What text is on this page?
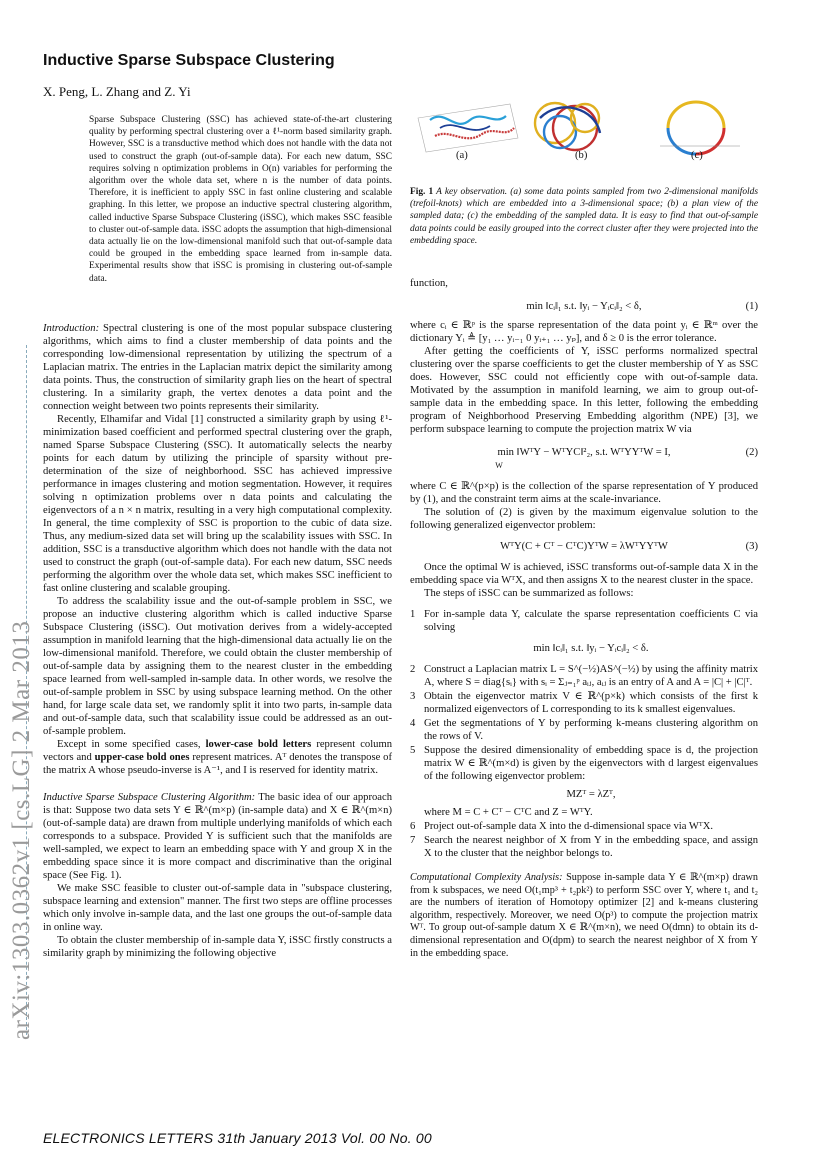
arXiv:1303.0362v1 [cs.LG] 2 Mar 2013
Inductive Sparse Subspace Clustering
X. Peng, L. Zhang and Z. Yi
Sparse Subspace Clustering (SSC) has achieved state-of-the-art clustering quality by performing spectral clustering over a ℓ¹-norm based similarity graph. However, SSC is a transductive method which does not handle with the data not used to construct the graph (out-of-sample data). For each new datum, SSC requires solving n optimization problems in O(n) variables for performing the algorithm over the whole data set, where n is the number of data points. Therefore, it is inefficient to apply SSC in fast online clustering and scalable graphing. In this letter, we propose an inductive spectral clustering algorithm, called inductive Sparse Subspace Clustering (iSSC), which makes SSC feasible to cluster out-of-sample data. iSSC adopts the assumption that high-dimensional data actually lie on the low-dimensional manifold such that out-of-sample data could be grouped in the embedding space learned from in-sample data. Experimental results show that iSSC is promising in clustering out-of-sample data.
(a)	(b)	(c)
Fig. 1 A key observation. (a) some data points sampled from two 2-dimensional manifolds (trefoil-knots) which are embedded into a 3-dimensional space; (b) a plan view of the sampled data; (c) the embedding of the sampled data. It is easy to find that out-of-sample data points could be easily grouped into the correct cluster after they were projected into the embedding space.

Introduction: Spectral clustering is one of the most popular subspace clustering algorithms, which aims to find a cluster membership of data points and the corresponding low-dimensional representation by utilizing the spectrum of a Laplacian matrix. The entries in the Laplacian matrix depict the similarity among data points. Thus, the construction of similarity graph lies on the heart of spectral clustering. In a similarity graph, the vertex denotes a data point and the connection weight between two points represents their similarity.

Recently, Elhamifar and Vidal [1] constructed a similarity graph by using ℓ¹-minimization based coefficient and performed spectral clustering over the graph, named Sparse Subspace Clustering (SSC). It automatically selects the nearby points for each datum by utilizing the principle of sparsity without pre-determination of the size of neighborhood. SSC has achieved impressive performance in images clustering and motion segmentation. However, it requires solving n optimization problems over n data points and calculating the eigenvectors of a n × n matrix, resulting in a very high computational complexity. In general, the time complexity of SSC is proportion to the cubic of data size. Thus, any medium-sized data set will bring up the scalability issues with SSC. In addition, SSC is a transductive algorithm which does not handle with the data not used to construct the graph (out-of-sample data). For each new datum, SSC needs performing the algorithm over the whole data set, which makes SSC inefficient to fast online clustering and scalable grouping.

To address the scalability issue and the out-of-sample problem in SSC, we propose an inductive clustering algorithm which is called inductive Sparse Subspace Clustering (iSSC). Out motivation derives from a widely-accepted assumption in manifold learning that the high-dimensional data actually lie on the low-dimensional manifold. Therefore, we could obtain the cluster membership of out-of-sample data by assigning them to the nearest cluster in the embedding space learned from well-sampled in-sample data. In other words, we resolve the out-of-sample problem in SSC by using subspace learning method. On the other hand, for large scale data set, we randomly split it into two parts, in-sample data and out-of-sample data, such that scalability issue could be addressed as an out-of-sample problem.

Except in some specified cases, lower-case bold letters represent column vectors and upper-case bold ones represent matrices. Aᵀ denotes the transpose of the matrix A whose pseudo-inverse is A⁻¹, and I is reserved for identity matrix.

Inductive Sparse Subspace Clustering Algorithm: The basic idea of our approach is that: Suppose two data sets Y ∈ ℝ^(m×p) (in-sample data) and X ∈ ℝ^(m×n) (out-of-sample data) are drawn from multiple underlying manifolds of which each corresponds to a subspace. Provided Y is sufficient such that the manifolds are well-sampled, we expect to learn an embedding space with Y and group X in the embedding space since it is more compact and discriminative than the original space (See Fig. 1).

We make SSC feasible to cluster out-of-sample data in "subspace clustering, subspace learning and extension" manner. The first two steps are offline processes which only involve in-sample data, and the last one groups the out-of-sample data in online way.

To obtain the cluster membership of in-sample data Y, iSSC firstly constructs a similarity graph by minimizing the following objective

function,

min ‖cᵢ‖₁ s.t. ‖yᵢ − Yᵢcᵢ‖₂ < δ,	(1)

where cᵢ ∈ ℝᵖ is the sparse representation of the data point yᵢ ∈ ℝᵐ over the dictionary Yᵢ ≜ [y₁ … yᵢ₋₁ 0 yᵢ₊₁ … yₚ], and δ ≥ 0 is the error tolerance.

After getting the coefficients of Y, iSSC performs normalized spectral clustering over the sparse coefficients to get the cluster membership of Y as SSC does. However, SSC could not efficiently cope with out-of-sample data. Motivated by the assumption in manifold learning, we aim to group out-of-sample data in the embedding space. In this letter, following the embedding program of Neighborhood Preserving Embedding algorithm (NPE) [3], we perform subspace learning to compute the projection matrix W via

min ‖WᵀY − WᵀYC‖²₂, s.t. WᵀYYᵀW = I,	(2)
W

where C ∈ ℝ^(p×p) is the collection of the sparse representation of Y produced by (1), and the constraint term aims at the scale-invariance.

The solution of (2) is given by the maximum eigenvalue solution to the following generalized eigenvector problem:

WᵀY(C + Cᵀ − CᵀC)YᵀW = λWᵀYYᵀW	(3)

Once the optimal W is achieved, iSSC transforms out-of-sample data X in the embedding space via WᵀX, and then assigns X to the nearest cluster in the space.

The steps of iSSC can be summarized as follows:

1 For in-sample data Y, calculate the sparse representation coefficients C via solving
min ‖cᵢ‖₁ s.t. ‖yᵢ − Yᵢcᵢ‖₂ < δ.
2 Construct a Laplacian matrix L = S^(−½)AS^(−½) by using the affinity matrix A, where S = diag{sᵢ} with sᵢ = Σⱼ₌₁ᵖ aᵢⱼ, aᵢⱼ is an entry of A and A = |C| + |C|ᵀ.
3 Obtain the eigenvector matrix V ∈ ℝ^(p×k) which consists of the first k normalized eigenvectors of L corresponding to its k smallest eigenvalues.
4 Get the segmentations of Y by performing k-means clustering algorithm on the rows of V.
5 Suppose the desired dimensionality of embedding space is d, the projection matrix W ∈ ℝ^(m×d) is given by the eigenvectors with d largest eigenvalues of the following eigenvector problem:
MZᵀ = λZᵀ,
where M = C + Cᵀ − CᵀC and Z = WᵀY.
6 Project out-of-sample data X into the d-dimensional space via WᵀX.
7 Search the nearest neighbor of X from Y in the embedding space, and assign X to the cluster that the neighbor belongs to.

Computational Complexity Analysis: Suppose in-sample data Y ∈ ℝ^(m×p) drawn from k subspaces, we need O(t₁mp³ + t₂pk²) to perform SSC over Y, where t₁ and t₂ are the numbers of iteration of Homotopy optimizer [2] and k-means clustering algorithm, respectively. Moreover, we need O(p³) to compute the projection matrix Wᵀ. To group out-of-sample datum X ∈ ℝ^(m×n), we need O(dmn) to obtain its d-dimensional representation and O(dpm) to search the nearest neighbor of X from Y in the embedding space.

ELECTRONICS LETTERS 31th January 2013 Vol. 00 No. 00
